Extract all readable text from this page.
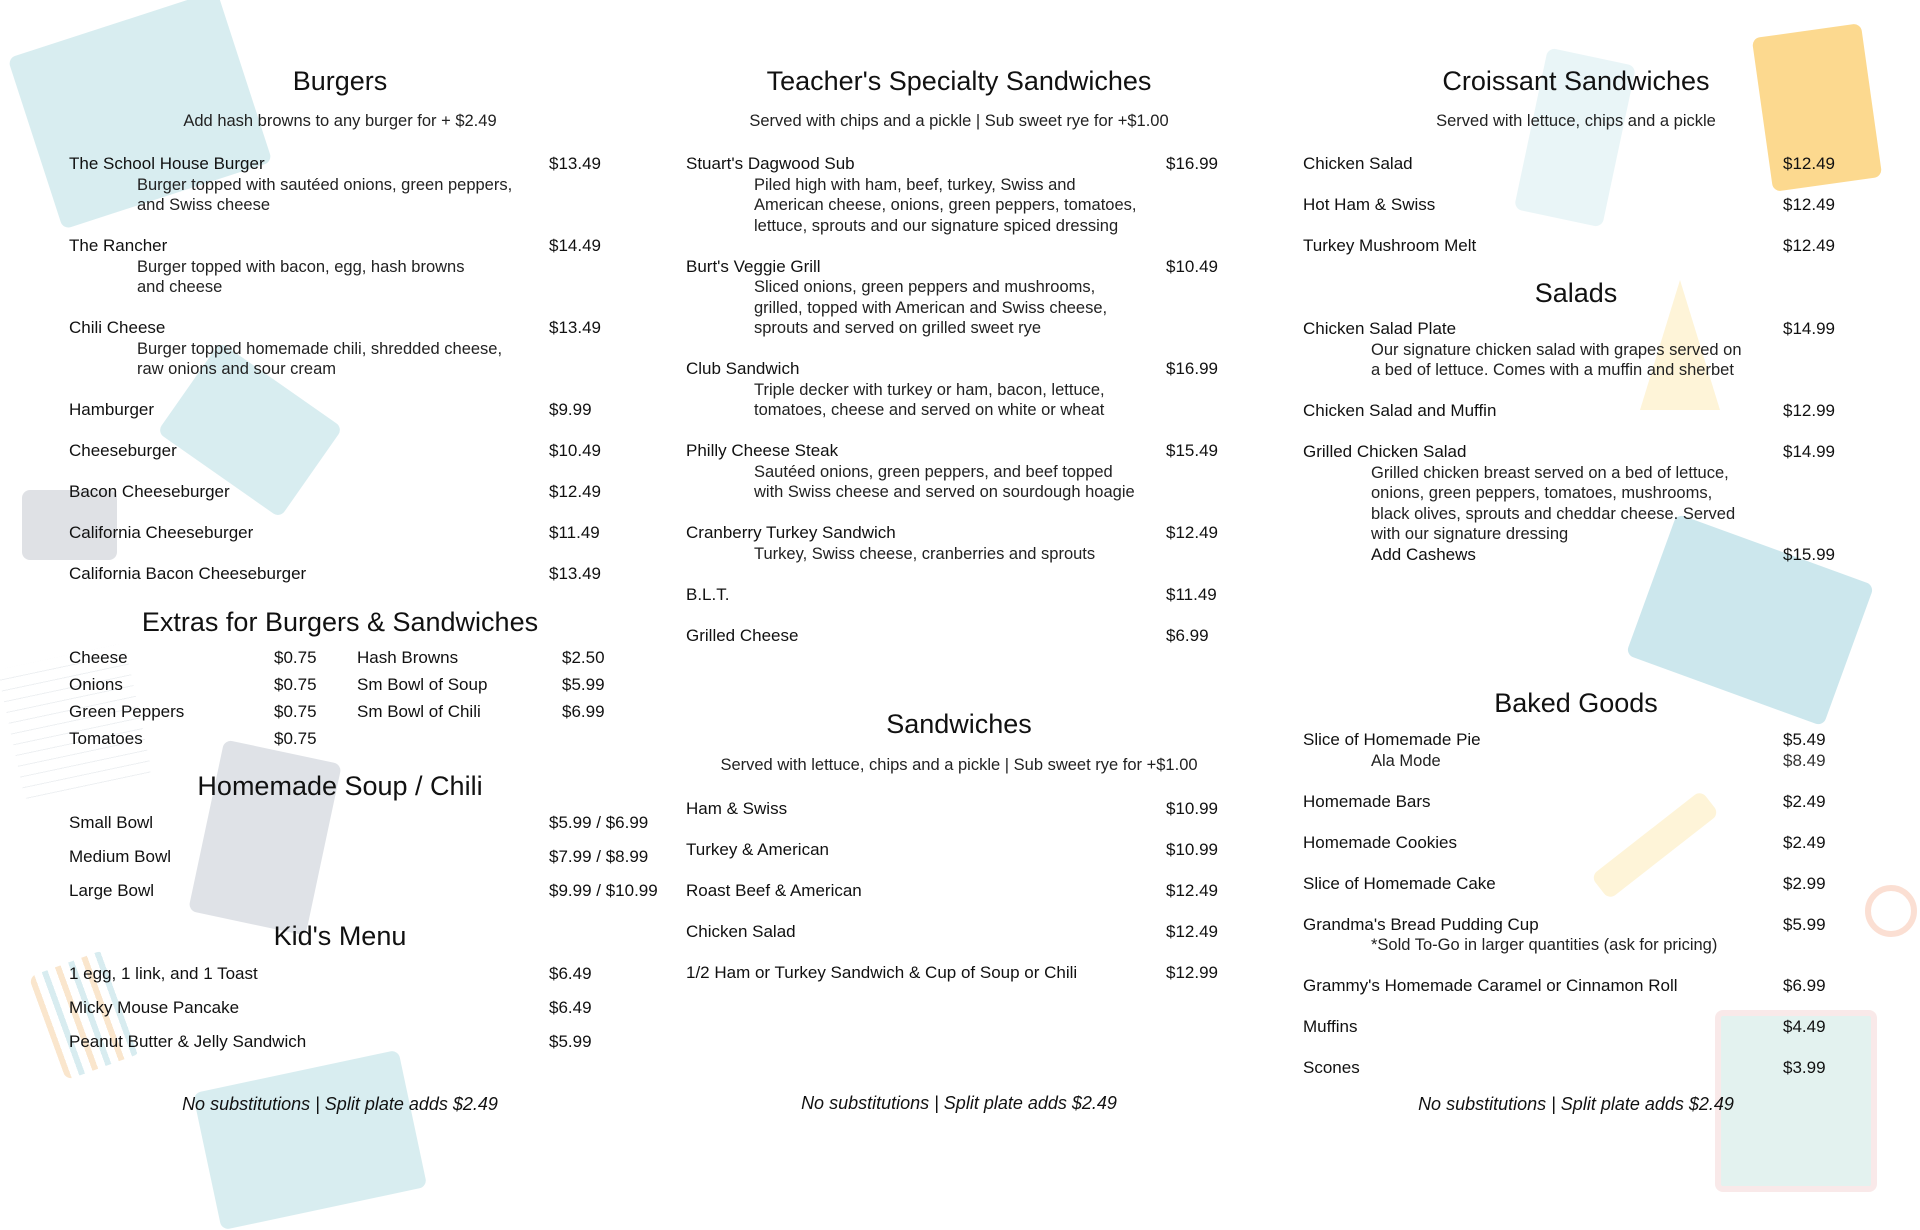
Burgers
Add hash browns to any burger for + $2.49
The School House Burger	$13.49
Burger topped with sautéed onions, green peppers,
and Swiss cheese
The Rancher	$14.49
Burger topped with bacon, egg, hash browns
and cheese
Chili Cheese	$13.49
Burger topped homemade chili, shredded cheese,
raw onions and sour cream
Hamburger	$9.99
Cheeseburger	$10.49
Bacon Cheeseburger	$12.49
California Cheeseburger	$11.49
California Bacon Cheeseburger	$13.49
Extras for Burgers & Sandwiches
Cheese	$0.75	Hash Browns	$2.50
Onions	$0.75	Sm Bowl of Soup	$5.99
Green Peppers	$0.75	Sm Bowl of Chili	$6.99
Tomatoes	$0.75
Homemade Soup / Chili
Small Bowl	$5.99 / $6.99
Medium Bowl	$7.99 / $8.99
Large Bowl	$9.99 / $10.99
Kid's Menu
1 egg, 1 link, and 1 Toast	$6.49
Micky Mouse Pancake	$6.49
Peanut Butter & Jelly Sandwich	$5.99
No substitutions | Split plate adds $2.49
Teacher's Specialty Sandwiches
Served with chips and a pickle | Sub sweet rye for +$1.00
Stuart's Dagwood Sub	$16.99
Piled high with ham, beef, turkey, Swiss and
American cheese, onions, green peppers, tomatoes,
lettuce, sprouts and our signature spiced dressing
Burt's Veggie Grill	$10.49
Sliced onions, green peppers and mushrooms,
grilled, topped with American and Swiss cheese,
sprouts and served on grilled sweet rye
Club Sandwich	$16.99
Triple decker with turkey or ham, bacon, lettuce,
tomatoes, cheese and served on white or wheat
Philly Cheese Steak	$15.49
Sautéed onions, green peppers, and beef topped
with Swiss cheese and served on sourdough hoagie
Cranberry Turkey Sandwich	$12.49
Turkey, Swiss cheese, cranberries and sprouts
B.L.T.	$11.49
Grilled Cheese	$6.99
Sandwiches
Served with lettuce, chips and a pickle | Sub sweet rye for +$1.00
Ham & Swiss	$10.99
Turkey & American	$10.99
Roast Beef & American	$12.49
Chicken Salad	$12.49
1/2 Ham or Turkey Sandwich & Cup of Soup or Chili	$12.99
No substitutions | Split plate adds $2.49
Croissant Sandwiches
Served with lettuce, chips and a pickle
Chicken Salad	$12.49
Hot Ham & Swiss	$12.49
Turkey Mushroom Melt	$12.49
Salads
Chicken Salad Plate	$14.99
Our signature chicken salad with grapes served on
a bed of lettuce. Comes with a muffin and sherbet
Chicken Salad and Muffin	$12.99
Grilled Chicken Salad	$14.99
Grilled chicken breast served on a bed of lettuce,
onions, green peppers, tomatoes, mushrooms,
black olives, sprouts and cheddar cheese. Served
with our signature dressing
Add Cashews	$15.99
Baked Goods
Slice of Homemade Pie	$5.49
Ala Mode	$8.49
Homemade Bars	$2.49
Homemade Cookies	$2.49
Slice of Homemade Cake	$2.99
Grandma's Bread Pudding Cup	$5.99
*Sold To-Go in larger quantities (ask for pricing)
Grammy's Homemade Caramel or Cinnamon Roll	$6.99
Muffins	$4.49
Scones	$3.99
No substitutions | Split plate adds $2.49
